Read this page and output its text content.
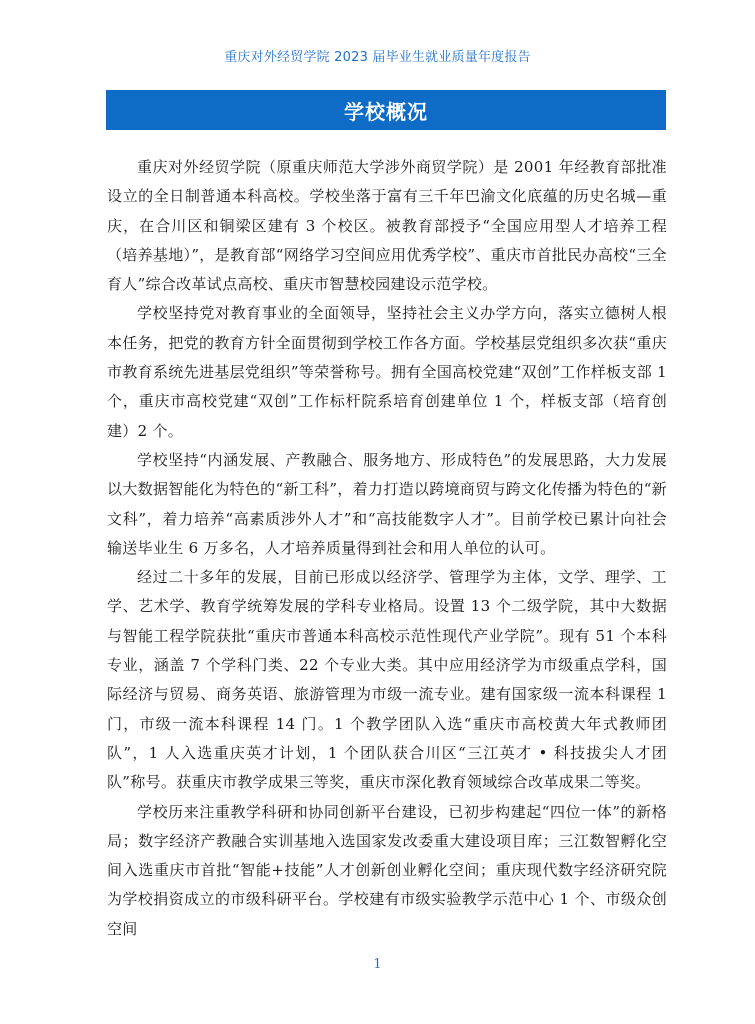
重庆对外经贸学院 2023 届毕业生就业质量年度报告
学校概况

重庆对外经贸学院（原重庆师范大学涉外商贸学院）是 2001 年经教育部批准设立的全日制普通本科高校。学校坐落于富有三千年巴渝文化底蕴的历史名城—重庆，在合川区和铜梁区建有 3 个校区。被教育部授予“全国应用型人才培养工程（培养基地）”，是教育部“网络学习空间应用优秀学校”、重庆市首批民办高校“三全育人”综合改革试点高校、重庆市智慧校园建设示范学校。

学校坚持党对教育事业的全面领导，坚持社会主义办学方向，落实立德树人根本任务，把党的教育方针全面贯彻到学校工作各方面。学校基层党组织多次获“重庆市教育系统先进基层党组织”等荣誉称号。拥有全国高校党建“双创”工作样板支部 1 个，重庆市高校党建“双创”工作标杆院系培育创建单位 1 个，样板支部（培育创建）2 个。

学校坚持“内涵发展、产教融合、服务地方、形成特色”的发展思路，大力发展以大数据智能化为特色的“新工科”，着力打造以跨境商贸与跨文化传播为特色的“新文科”，着力培养“高素质涉外人才”和“高技能数字人才”。目前学校已累计向社会输送毕业生 6 万多名，人才培养质量得到社会和用人单位的认可。

经过二十多年的发展，目前已形成以经济学、管理学为主体，文学、理学、工学、艺术学、教育学统筹发展的学科专业格局。设置 13 个二级学院，其中大数据与智能工程学院获批“重庆市普通本科高校示范性现代产业学院”。现有 51 个本科专业，涵盖 7 个学科门类、22 个专业大类。其中应用经济学为市级重点学科，国际经济与贸易、商务英语、旅游管理为市级一流专业。建有国家级一流本科课程 1 门，市级一流本科课程 14 门。1 个教学团队入选“重庆市高校黄大年式教师团队”，1 人入选重庆英才计划，1 个团队获合川区“三江英才 • 科技拔尖人才团队”称号。获重庆市教学成果三等奖，重庆市深化教育领域综合改革成果二等奖。

学校历来注重教学科研和协同创新平台建设，已初步构建起“四位一体”的新格局；数字经济产教融合实训基地入选国家发改委重大建设项目库；三江数智孵化空间入选重庆市首批“智能+技能”人才创新创业孵化空间；重庆现代数字经济研究院为学校捐资成立的市级科研平台。学校建有市级实验教学示范中心 1 个、市级众创空间

1
